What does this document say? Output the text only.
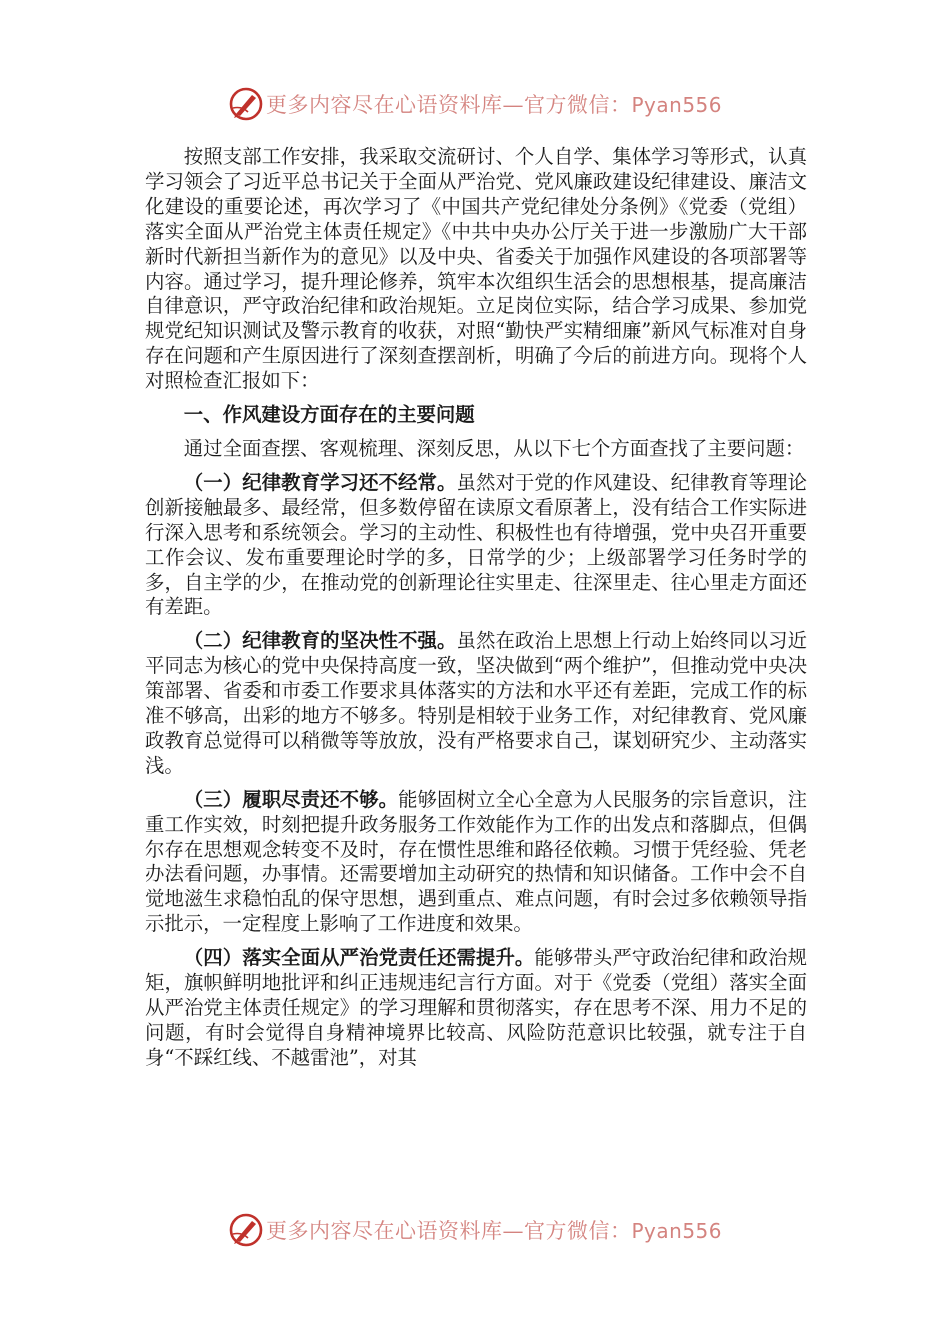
更多内容尽在心语资料库—官方微信：Pyan556

按照支部工作安排，我采取交流研讨、个人自学、集体学习等形式，认真学习领会了习近平总书记关于全面从严治党、党风廉政建设纪律建设、廉洁文化建设的重要论述，再次学习了《中国共产党纪律处分条例》《党委（党组）落实全面从严治党主体责任规定》《中共中央办公厅关于进一步激励广大干部新时代新担当新作为的意见》以及中央、省委关于加强作风建设的各项部署等内容。通过学习，提升理论修养，筑牢本次组织生活会的思想根基，提高廉洁自律意识，严守政治纪律和政治规矩。立足岗位实际，结合学习成果、参加党规党纪知识测试及警示教育的收获，对照“勤快严实精细廉”新风气标准对自身存在问题和产生原因进行了深刻查摆剖析，明确了今后的前进方向。现将个人对照检查汇报如下：

一、作风建设方面存在的主要问题

通过全面查摆、客观梳理、深刻反思，从以下七个方面查找了主要问题：

（一）纪律教育学习还不经常。虽然对于党的作风建设、纪律教育等理论创新接触最多、最经常，但多数停留在读原文看原著上，没有结合工作实际进行深入思考和系统领会。学习的主动性、积极性也有待增强，党中央召开重要工作会议、发布重要理论时学的多，日常学的少；上级部署学习任务时学的多，自主学的少，在推动党的创新理论往实里走、往深里走、往心里走方面还有差距。

（二）纪律教育的坚决性不强。虽然在政治上思想上行动上始终同以习近平同志为核心的党中央保持高度一致，坚决做到“两个维护”，但推动党中央决策部署、省委和市委工作要求具体落实的方法和水平还有差距，完成工作的标准不够高，出彩的地方不够多。特别是相较于业务工作，对纪律教育、党风廉政教育总觉得可以稍微等等放放，没有严格要求自己，谋划研究少、主动落实浅。

（三）履职尽责还不够。能够固树立全心全意为人民服务的宗旨意识，注重工作实效，时刻把提升政务服务工作效能作为工作的出发点和落脚点，但偶尔存在思想观念转变不及时，存在惯性思维和路径依赖。习惯于凭经验、凭老办法看问题，办事情。还需要增加主动研究的热情和知识储备。工作中会不自觉地滋生求稳怕乱的保守思想，遇到重点、难点问题，有时会过多依赖领导指示批示，一定程度上影响了工作进度和效果。

（四）落实全面从严治党责任还需提升。能够带头严守政治纪律和政治规矩，旗帜鲜明地批评和纠正违规违纪言行方面。对于《党委（党组）落实全面从严治党主体责任规定》的学习理解和贯彻落实，存在思考不深、用力不足的问题，有时会觉得自身精神境界比较高、风险防范意识比较强，就专注于自身“不踩红线、不越雷池”，对其

更多内容尽在心语资料库—官方微信：Pyan556
